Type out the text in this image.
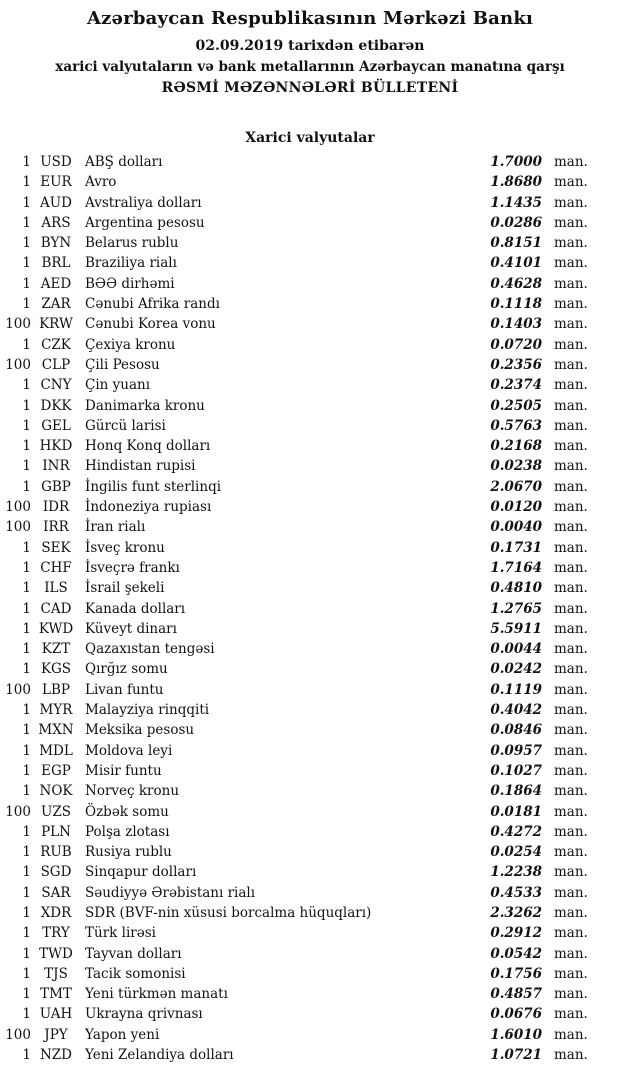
Azərbaycan Respublikasının Mərkəzi Bankı
02.09.2019 tarixdən etibarən
xarici valyutaların və bank metallarının Azərbaycan manatına qarşı
RƏSMİ MƏZƏNNƏLƏRİ BÜLLETENİ
Xarici valyutalar
1 USD ABŞ dolları	1.7000 man.
1 EUR Avro	1.8680 man.
1 AUD Avstraliya dolları	1.1435 man.
1 ARS	Argentina pesosu	0.0286 man.
1 BYN	Belarus rublu	0.8151 man.
1 BRL	Braziliya rialı	0.4101 man.
1 AED	BƏƏ dirhəmi	0.4628 man.
1 ZAR	Cənubi Afrika randı	0.1118 man.
100 KRW Cənubi Korea vonu	0.1403 man.
1 CZK	Çexiya kronu	0.0720 man.
100 CLP	Çili Pesosu	0.2356 man.
1 CNY Çin yuanı	0.2374 man.
1 DKK	Danimarka kronu	0.2505 man.
1 GEL	Gürcü larisi	0.5763 man.
1 HKD Honq Konq dolları	0.2168 man.
1 INR	Hindistan rupisi	0.0238 man.
1 GBP	İngilis funt sterlinqi	2.0670 man.
100 IDR	İndoneziya rupiası	0.0120 man.
100 IRR	İran rialı	0.0040 man.
1 SEK	İsveç kronu	0.1731 man.
1 CHF İsveçrə frankı	1.7164 man.
1 ILS	İsrail şekeli	0.4810 man.
1 CAD	Kanada dolları	1.2765 man.
1 KWD Küveyt dinarı	5.5911 man.
1 KZT	Qazaxıstan tengəsi	0.0044 man.
1 KGS	Qırğız somu	0.0242 man.
100 LBP	Livan funtu	0.1119 man.
1 MYR Malayziya rinqqiti	0.4042 man.
1 MXN Meksika pesosu	0.0846 man.
1 MDL Moldova leyi	0.0957 man.
1 EGP	Misir funtu	0.1027 man.
1 NOK Norveç kronu	0.1864 man.
100 UZS	Özbək somu	0.0181 man.
1 PLN	Polşa zlotası	0.4272 man.
1 RUB Rusiya rublu	0.0254 man.
1 SGD	Sinqapur dolları	1.2238 man.
1 SAR	Səudiyyə Ərəbistanı rialı	0.4533 man.
1 XDR	SDR (BVF-nin xüsusi borcalma hüquqları)	2.3262 man.
1 TRY	Türk lirəsi	0.2912 man.
1 TWD Tayvan dolları	0.0542 man.
1 TJS	Tacik somonisi	0.1756 man.
1 TMT Yeni türkmən manatı	0.4857 man.
1 UAH Ukrayna qrivnası	0.0676 man.
100 JPY	Yapon yeni	1.6010 man.
1 NZD Yeni Zelandiya dolları	1.0721 man.
